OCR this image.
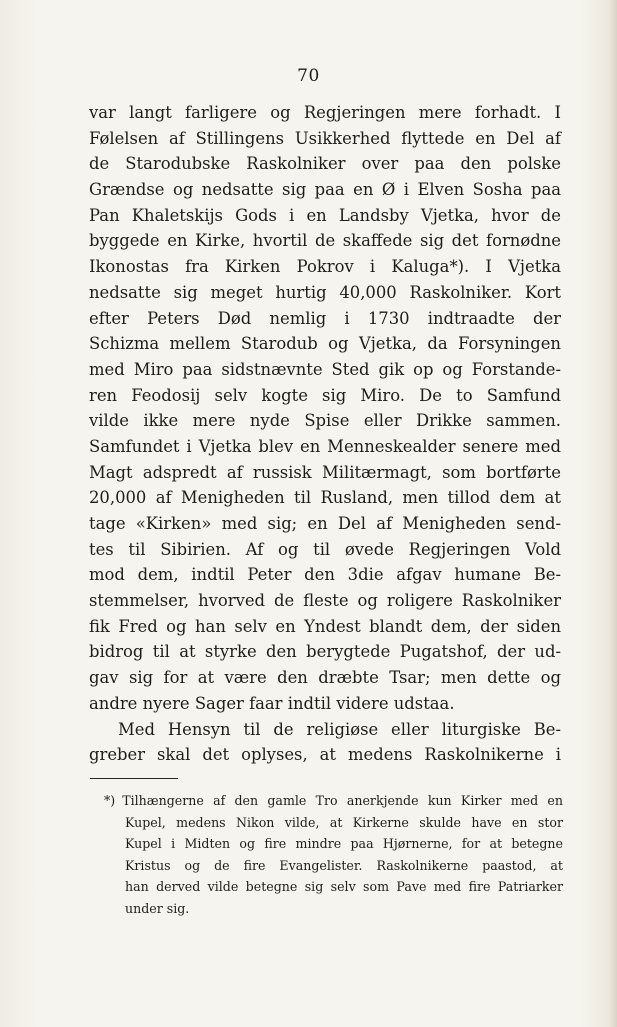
70
var langt farligere og Regjeringen mere forhadt. I
Følelsen af Stillingens Usikkerhed flyttede en Del af
de Starodubske Raskolniker over paa den polske
Grændse og nedsatte sig paa en Ø i Elven Sosha paa
Pan Khaletskijs Gods i en Landsby Vjetka, hvor de
byggede en Kirke, hvortil de skaffede sig det fornødne
Ikonostas fra Kirken Pokrov i Kaluga*). I Vjetka
nedsatte sig meget hurtig 40,000 Raskolniker. Kort
efter Peters Død nemlig i 1730 indtraadte der
Schizma mellem Starodub og Vjetka, da Forsyningen
med Miro paa sidstnævnte Sted gik op og Forstande-
ren Feodosij selv kogte sig Miro. De to Samfund
vilde ikke mere nyde Spise eller Drikke sammen.
Samfundet i Vjetka blev en Menneskealder senere med
Magt adspredt af russisk Militærmagt, som bortførte
20,000 af Menigheden til Rusland, men tillod dem at
tage «Kirken» med sig; en Del af Menigheden send-
tes til Sibirien. Af og til øvede Regjeringen Vold
mod dem, indtil Peter den 3die afgav humane Be-
stemmelser, hvorved de fleste og roligere Raskolniker
fik Fred og han selv en Yndest blandt dem, der siden
bidrog til at styrke den berygtede Pugatshof, der ud-
gav sig for at være den dræbte Tsar; men dette og
andre nyere Sager faar indtil videre udstaa.
Med Hensyn til de religiøse eller liturgiske Be-
greber skal det oplyses, at medens Raskolnikerne i
*) Tilhængerne af den gamle Tro anerkjende kun Kirker med en
Kupel, medens Nikon vilde, at Kirkerne skulde have en stor
Kupel i Midten og fire mindre paa Hjørnerne, for at betegne
Kristus og de fire Evangelister. Raskolnikerne paastod, at
han derved vilde betegne sig selv som Pave med fire Patriarker
under sig.
